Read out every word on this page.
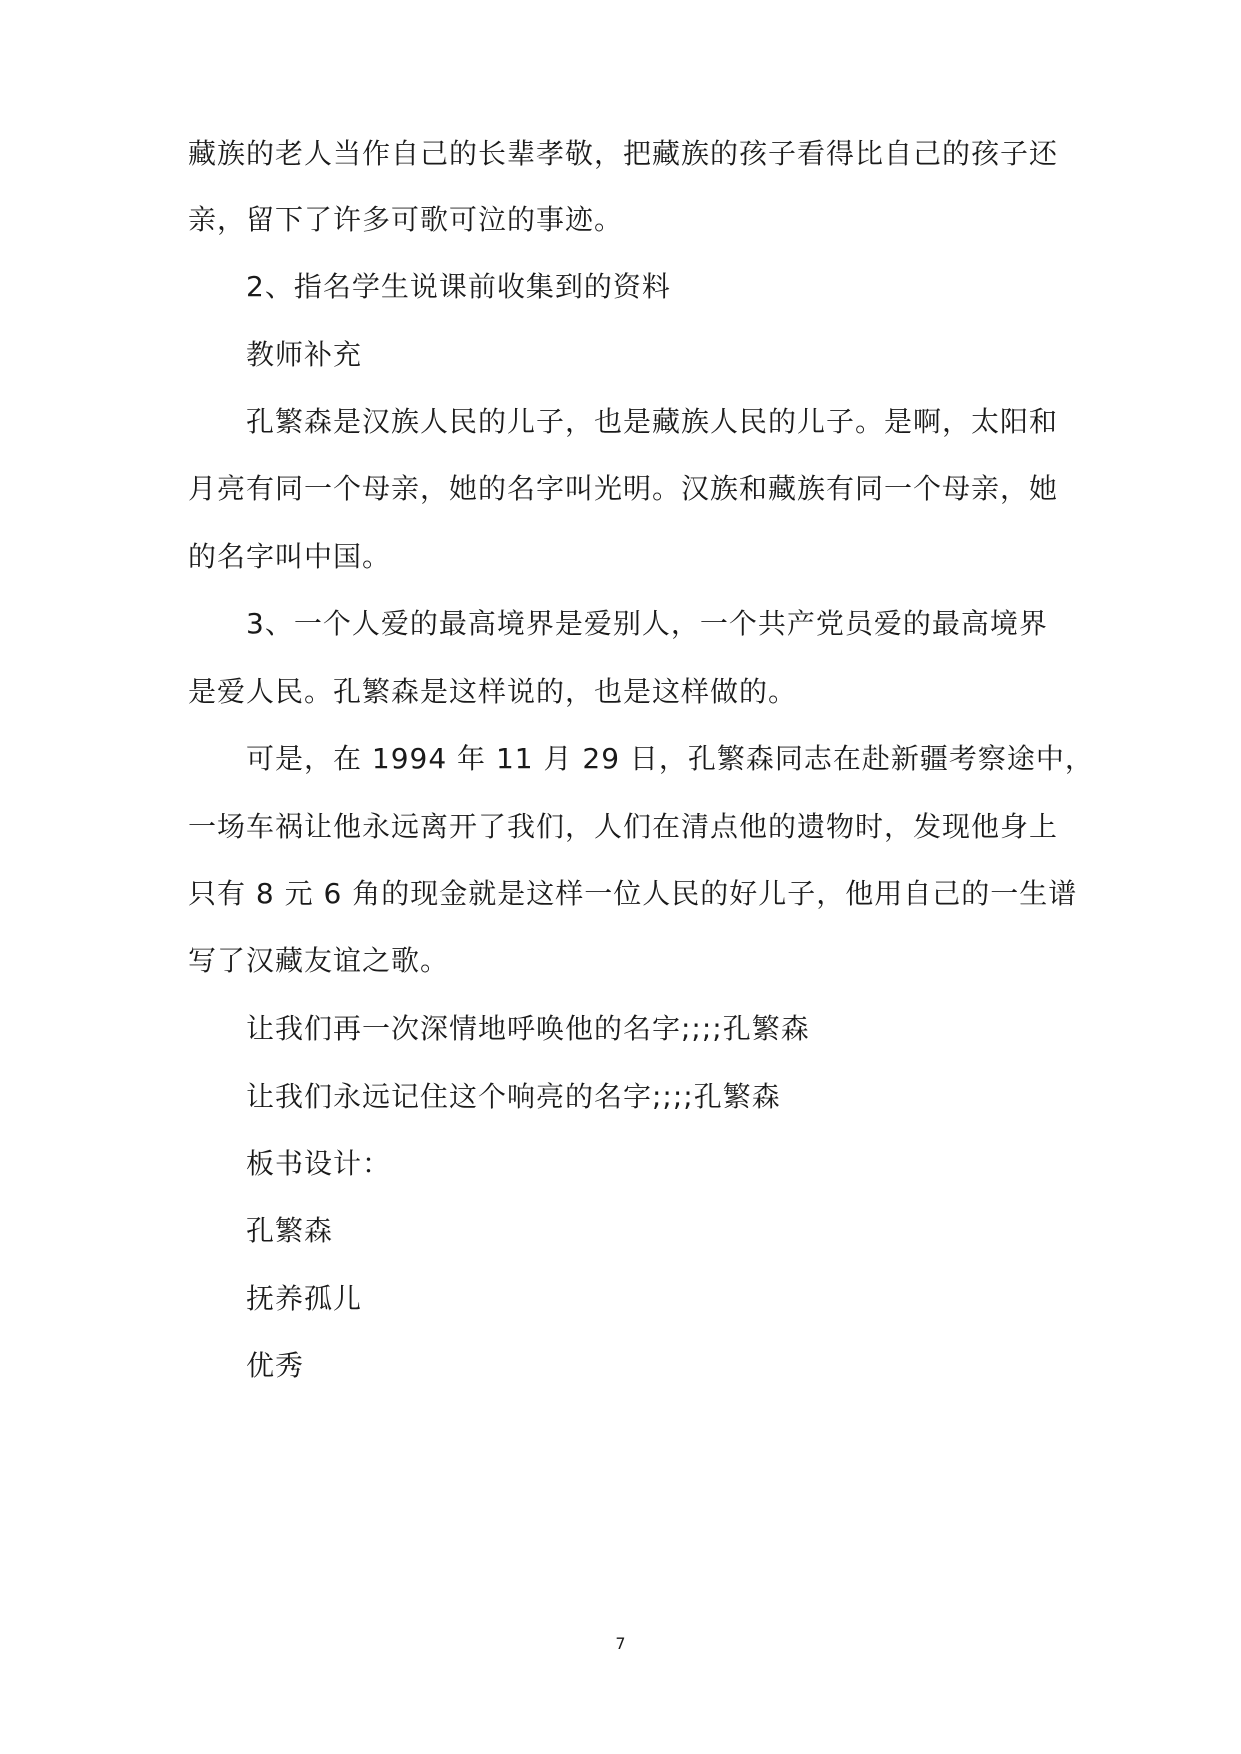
藏族的老人当作自己的长辈孝敬，把藏族的孩子看得比自己的孩子还
亲，留下了许多可歌可泣的事迹。
2、指名学生说课前收集到的资料
教师补充
孔繁森是汉族人民的儿子，也是藏族人民的儿子。是啊，太阳和
月亮有同一个母亲，她的名字叫光明。汉族和藏族有同一个母亲，她
的名字叫中国。
3、一个人爱的最高境界是爱别人，一个共产党员爱的最高境界
是爱人民。孔繁森是这样说的，也是这样做的。
可是，在 1994 年 11 月 29 日，孔繁森同志在赴新疆考察途中，
一场车祸让他永远离开了我们，人们在清点他的遗物时，发现他身上
只有 8 元 6 角的现金就是这样一位人民的好儿子，他用自己的一生谱
写了汉藏友谊之歌。
让我们再一次深情地呼唤他的名字;;;;孔繁森
让我们永远记住这个响亮的名字;;;;孔繁森
板书设计：
孔繁森
抚养孤儿
优秀
7
